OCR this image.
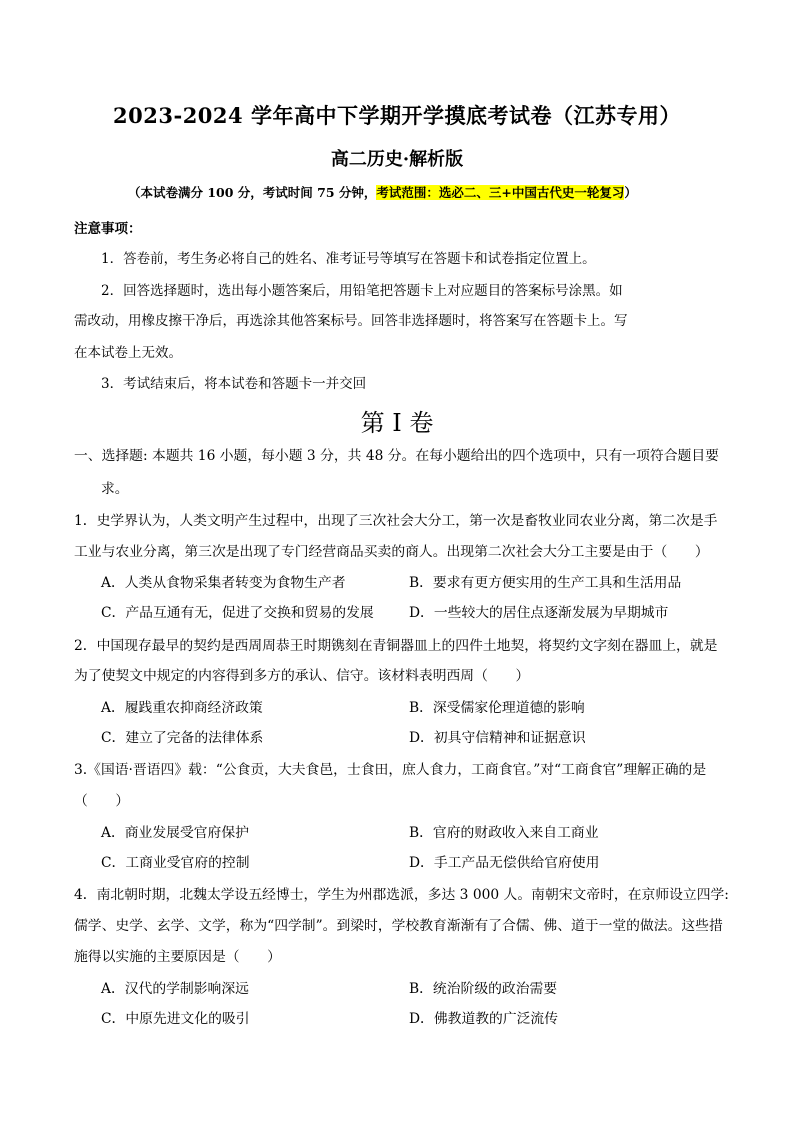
2023-2024 学年高中下学期开学摸底考试卷（江苏专用）
高二历史·解析版
（本试卷满分 100 分，考试时间 75 分钟，考试范围：选必二、三+中国古代史一轮复习）
注意事项：
1．答卷前，考生务必将自己的姓名、准考证号等填写在答题卡和试卷指定位置上。
2．回答选择题时，选出每小题答案后，用铅笔把答题卡上对应题目的答案标号涂黑。如
需改动，用橡皮擦干净后，再选涂其他答案标号。回答非选择题时，将答案写在答题卡上。写
在本试卷上无效。
3．考试结束后，将本试卷和答题卡一并交回
第 I 卷
一、选择题: 本题共 16 小题，每小题 3 分，共 48 分。在每小题给出的四个选项中，只有一项符合题目要
求。
1．史学界认为，人类文明产生过程中，出现了三次社会大分工，第一次是畜牧业同农业分离，第二次是手
工业与农业分离，第三次是出现了专门经营商品买卖的商人。出现第二次社会大分工主要是由于（　　）
A．人类从食物采集者转变为食物生产者	B．要求有更方便实用的生产工具和生活用品
C．产品互通有无，促进了交换和贸易的发展	D．一些较大的居住点逐渐发展为早期城市
2．中国现存最早的契约是西周周恭王时期镌刻在青铜器皿上的四件土地契，将契约文字刻在器皿上，就是
为了使契文中规定的内容得到多方的承认、信守。该材料表明西周（　　）
A．履践重农抑商经济政策	B．深受儒家伦理道德的影响
C．建立了完备的法律体系	D．初具守信精神和证据意识
3.《国语·晋语四》载：“公食贡，大夫食邑，士食田，庶人食力，工商食官。”对“工商食官”理解正确的是
（　　）
A．商业发展受官府保护	B．官府的财政收入来自工商业
C．工商业受官府的控制	D．手工产品无偿供给官府使用
4．南北朝时期，北魏太学设五经博士，学生为州郡选派，多达 3 000 人。南朝宋文帝时，在京师设立四学:
儒学、史学、玄学、文学，称为“四学制”。到梁时，学校教育渐渐有了合儒、佛、道于一堂的做法。这些措
施得以实施的主要原因是（　　）
A．汉代的学制影响深远	B．统治阶级的政治需要
C．中原先进文化的吸引	D．佛教道教的广泛流传
